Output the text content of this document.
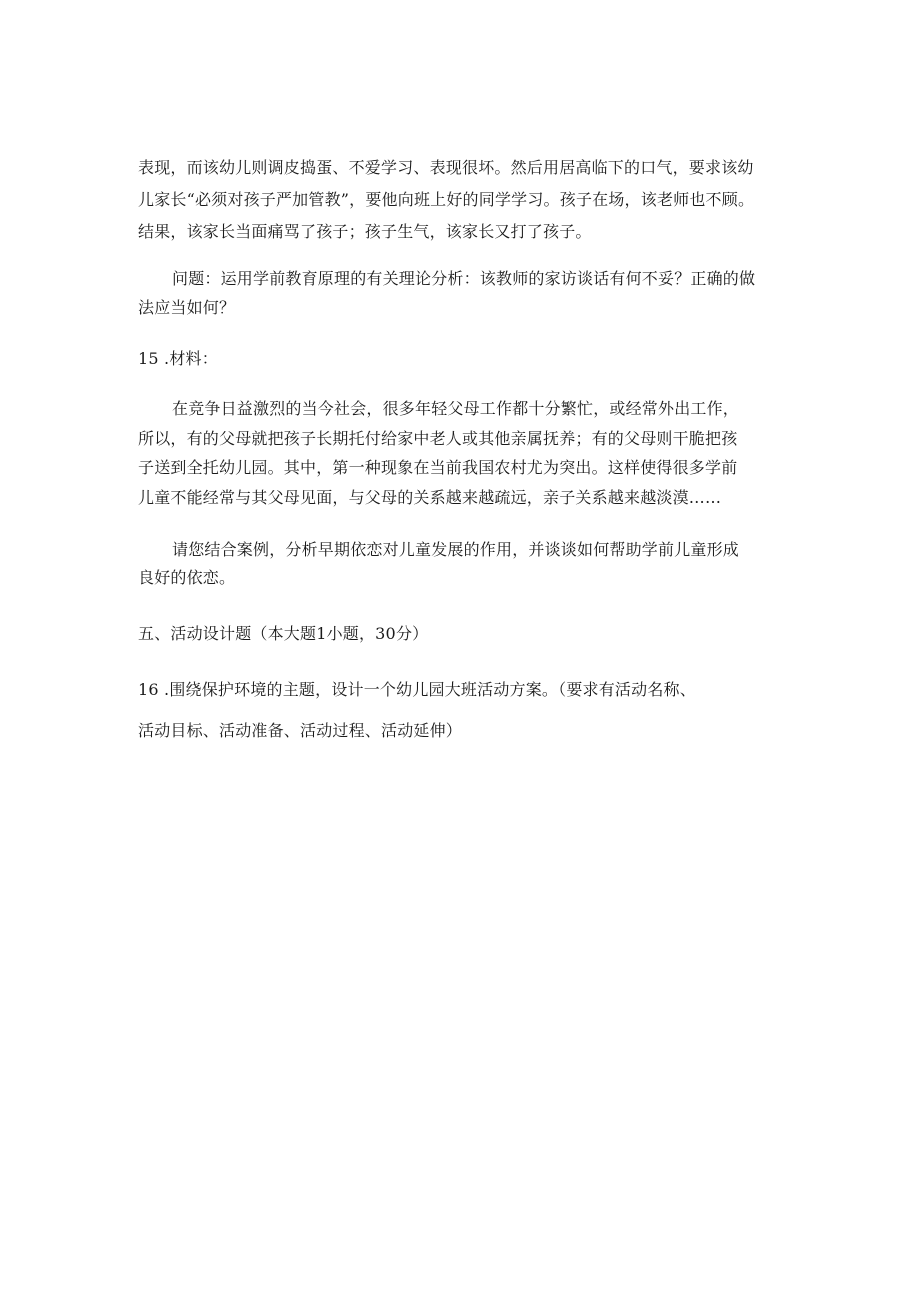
表现，而该幼儿则调皮捣蛋、不爱学习、表现很坏。然后用居高临下的口气，要求该幼
儿家长“必须对孩子严加管教”，要他向班上好的同学学习。孩子在场，该老师也不顾。
结果，该家长当面痛骂了孩子；孩子生气，该家长又打了孩子。
问题：运用学前教育原理的有关理论分析：该教师的家访谈话有何不妥？正确的做
法应当如何？
15 .材料：
在竞争日益激烈的当今社会，很多年轻父母工作都十分繁忙，或经常外出工作，
所以，有的父母就把孩子长期托付给家中老人或其他亲属抚养；有的父母则干脆把孩
子送到全托幼儿园。其中，第一种现象在当前我国农村尤为突出。这样使得很多学前
儿童不能经常与其父母见面，与父母的关系越来越疏远，亲子关系越来越淡漠……
请您结合案例，分析早期依恋对儿童发展的作用，并谈谈如何帮助学前儿童形成
良好的依恋。
五、活动设计题（本大题1小题，30分）
16 .围绕保护环境的主题，设计一个幼儿园大班活动方案。（要求有活动名称、
活动目标、活动准备、活动过程、活动延伸）
